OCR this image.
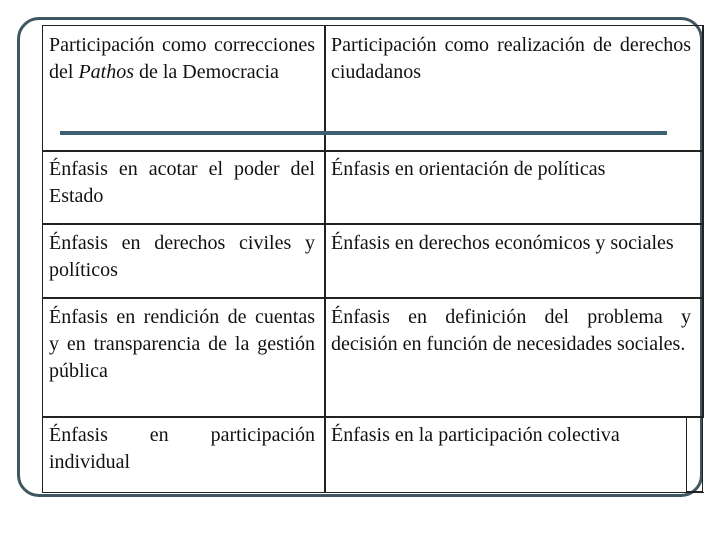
Participación como correcciones del Pathos de la Democracia
Participación como realización de derechos ciudadanos
Énfasis en acotar el poder del Estado
Énfasis en orientación de políticas
Énfasis en derechos civiles y políticos
Énfasis en derechos económicos y sociales
Énfasis en rendición de cuentas y en transparencia de la gestión pública
Énfasis en definición del problema y decisión en función de necesidades sociales.
Énfasis en participación individual
Énfasis en la participación colectiva
